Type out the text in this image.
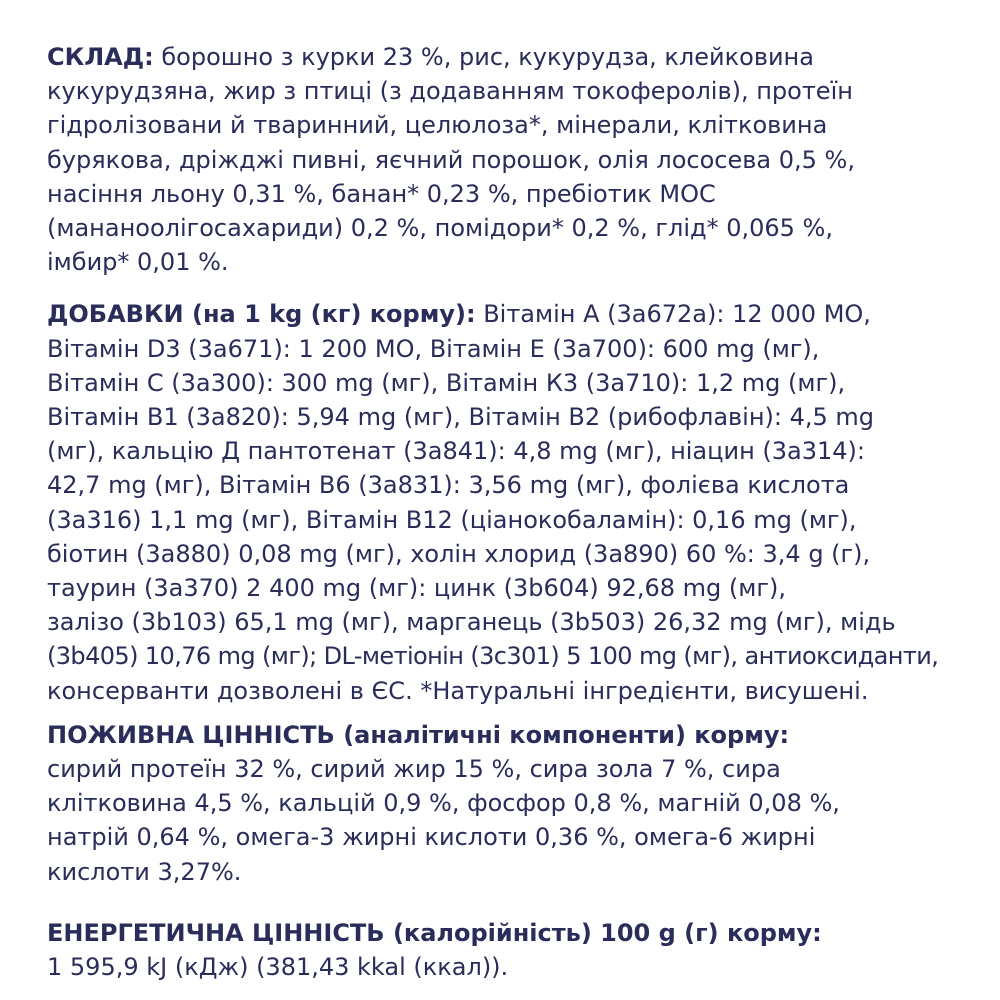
СКЛАД: борошно з курки 23 %, рис, кукурудза, клейковина
кукурудзяна, жир з птиці (з додаванням токоферолів), протеїн
гідролізовани й тваринний, целюлоза*, мінерали, клітковина
бурякова, дріжджі пивні, яєчний порошок, олія лососева 0,5 %,
насіння льону 0,31 %, банан* 0,23 %, пребіотик МОС
(мананоолігосахариди) 0,2 %, помідори* 0,2 %, глід* 0,065 %,
імбир* 0,01 %.

ДОБАВКИ (на 1 kg (кг) корму): Вітамін А (3a672a): 12 000 МО,
Вітамін D3 (3a671): 1 200 МО, Вітамін Е (3a700): 600 mg (мг),
Вітамін С (3a300): 300 mg (мг), Вітамін К3 (3a710): 1,2 mg (мг),
Вітамін В1 (3a820): 5,94 mg (мг), Вітамін В2 (рибофлавін): 4,5 mg
(мг), кальцію Д пантотенат (3a841): 4,8 mg (мг), ніацин (3a314):
42,7 mg (мг), Вітамін В6 (3a831): 3,56 mg (мг), фолієва кислота
(3a316) 1,1 mg (мг), Вітамін В12 (ціанокобаламін): 0,16 mg (мг),
біотин (3a880) 0,08 mg (мг), холін хлорид (3a890) 60 %: 3,4 g (г),
таурин (3a370) 2 400 mg (мг): цинк (3b604) 92,68 mg (мг),
залізо (3b103) 65,1 mg (мг), марганець (3b503) 26,32 mg (мг), мідь
(3b405) 10,76 mg (мг); DL-метіонін (3c301) 5 100 mg (мг), антиоксиданти,
консерванти дозволені в ЄС. *Натуральні інгредієнти, висушені.

ПОЖИВНА ЦІННІСТЬ (аналітичні компоненти) корму:
сирий протеїн 32 %, сирий жир 15 %, сира зола 7 %, сира
клітковина 4,5 %, кальцій 0,9 %, фосфор 0,8 %, магній 0,08 %,
натрій 0,64 %, омега-3 жирні кислоти 0,36 %, омега-6 жирні
кислоти 3,27%.

ЕНЕРГЕТИЧНА ЦІННІСТЬ (калорійність) 100 g (г) корму:
1 595,9 kJ (кДж) (381,43 kkal (ккал)).
